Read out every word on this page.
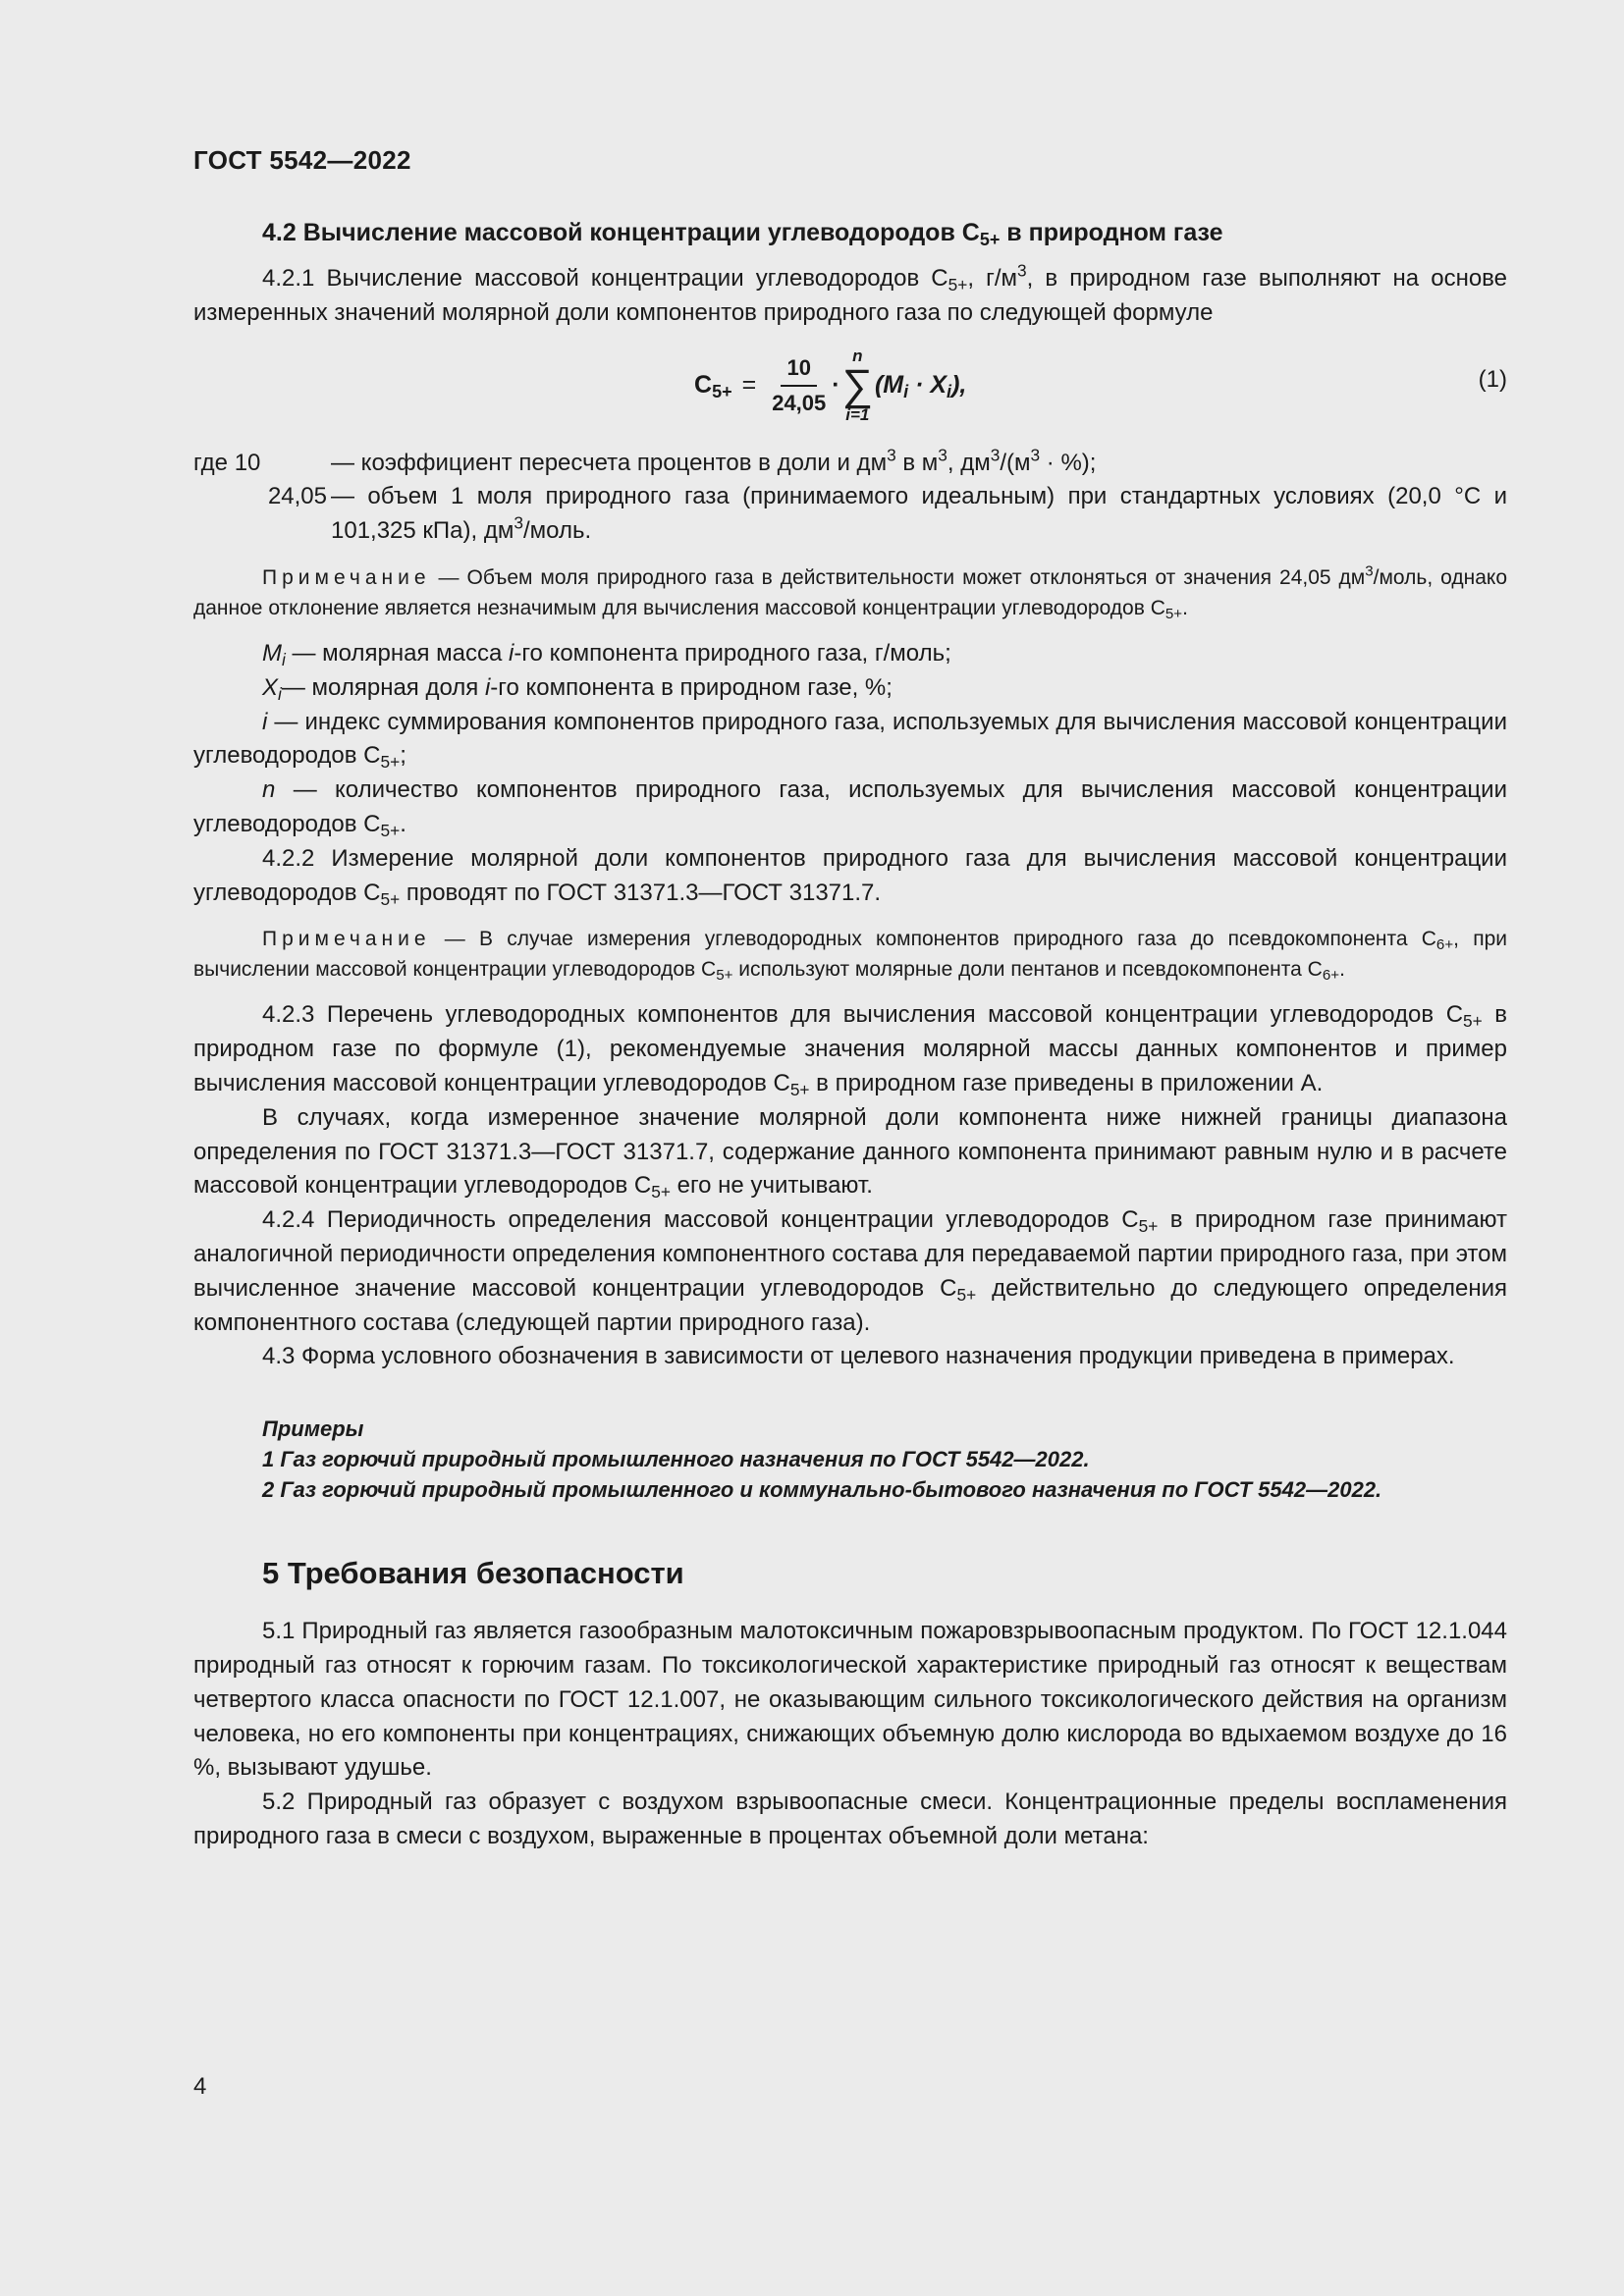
ГОСТ 5542—2022
4.2 Вычисление массовой концентрации углеводородов $C_{5+}$ в природном газе

4.2.1 Вычисление массовой концентрации углеводородов $С_{5+}$, $г/м^3$, в природном газе выполняют на основе измеренных значений молярной доли компонентов природного газа по следующей формуле

$C_{5+} = \frac{10}{24,05}$ ·
n
∑
i=1
$(M_i \cdot X_i)$,	(1)
где 10	— коэффициент пересчета процентов в доли и $дм^3$ в $м^3$, $дм^3/(м^3$ · %);
24,05 — объем 1 моля природного газа (принимаемого идеальным) при стандартных условиях (20,0 °С и 101,325 кПа), $дм^3$/моль.
Примечание — Объем моля природного газа в действительности может отклоняться от значения 24,05 $дм^3$/моль, однако данное отклонение является незначимым для вычисления массовой концентрации углеводородов $С_{5+}$.

$M_i$ — молярная масса i-го компонента природного газа, г/моль;

$X_i—$ молярная доля i-го компонента в природном газе, %;

i — индекс суммирования компонентов природного газа, используемых для вычисления массовой концентрации углеводородов $С_{5+}$;

n — количество компонентов природного газа, используемых для вычисления массовой концентрации углеводородов $С_{5+}$.

4.2.2 Измерение молярной доли компонентов природного газа для вычисления массовой концентрации углеводородов $С_{5+}$ проводят по ГОСТ 31371.3—ГОСТ 31371.7.

Примечание — В случае измерения углеводородных компонентов природного газа до псевдокомпонента $С_{6+}$, при вычислении массовой концентрации углеводородов $С_{5+}$ используют молярные доли пентанов и псевдокомпонента $С_{6+}$.

4.2.3 Перечень углеводородных компонентов для вычисления массовой концентрации углеводородов $С_{5+}$ в природном газе по формуле (1), рекомендуемые значения молярной массы данных компонентов и пример вычисления массовой концентрации углеводородов $С_{5+}$ в природном газе приведены в приложении А.

В случаях, когда измеренное значение молярной доли компонента ниже нижней границы диапазона определения по ГОСТ 31371.3—ГОСТ 31371.7, содержание данного компонента принимают равным нулю и в расчете массовой концентрации углеводородов $С_{5+}$ его не учитывают.

4.2.4 Периодичность определения массовой концентрации углеводородов $С_{5+}$ в природном газе принимают аналогичной периодичности определения компонентного состава для передаваемой партии природного газа, при этом вычисленное значение массовой концентрации углеводородов $С_{5+}$ действительно до следующего определения компонентного состава (следующей партии природного газа).

4.3 Форма условного обозначения в зависимости от целевого назначения продукции приведена в примерах.

Примеры
1 Газ горючий природный промышленного назначения по ГОСТ 5542—2022.
2 Газ горючий природный промышленного и коммунально-бытового назначения по ГОСТ 5542—2022.
5 Требования безопасности

5.1 Природный газ является газообразным малотоксичным пожаровзрывоопасным продуктом. По ГОСТ 12.1.044 природный газ относят к горючим газам. По токсикологической характеристике природный газ относят к веществам четвертого класса опасности по ГОСТ 12.1.007, не оказывающим сильного токсикологического действия на организм человека, но его компоненты при концентрациях, снижающих объемную долю кислорода во вдыхаемом воздухе до 16 %, вызывают удушье.

5.2 Природный газ образует с воздухом взрывоопасные смеси. Концентрационные пределы воспламенения природного газа в смеси с воздухом, выраженные в процентах объемной доли метана:

4
